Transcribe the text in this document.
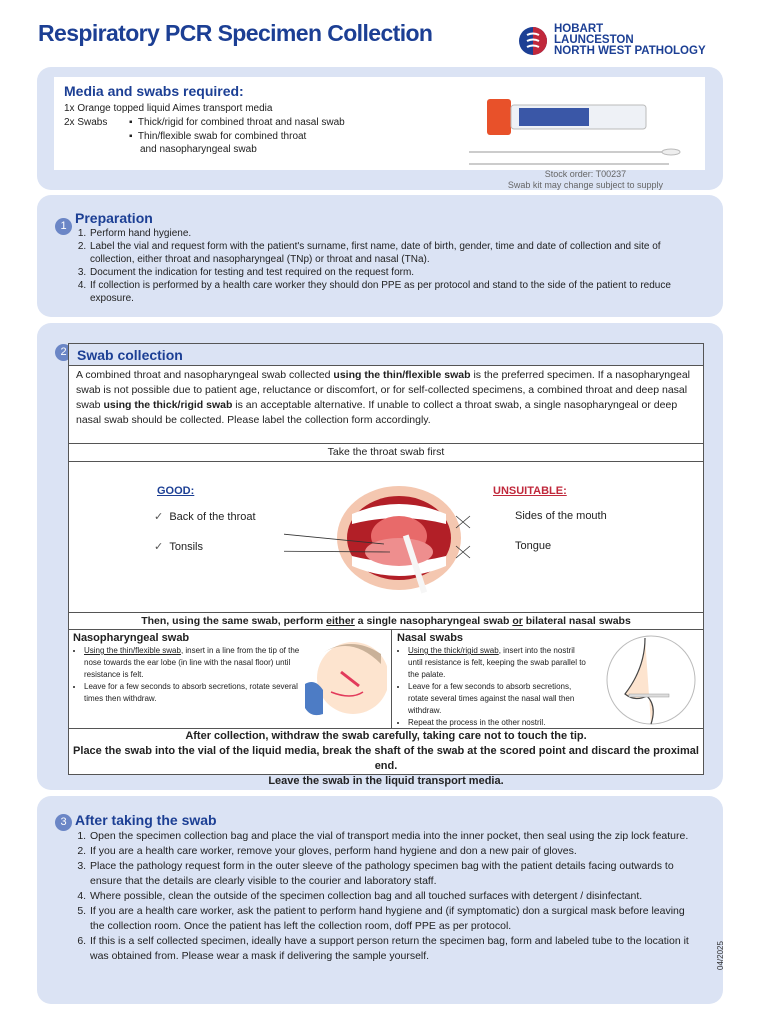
Respiratory PCR Specimen Collection	HOBART
LAUNCESTON
NORTH WEST PATHOLOGY
Media and swabs required:
1x Orange topped liquid Aimes transport media
2x Swabs ▪  Thick/rigid for combined throat and nasal swab
▪  Thin/flexible swab for combined throat
and nasopharyngeal swab
Stock order: T00237
Swab kit may change subject to supply
1 Preparation
1. Perform hand hygiene.
2. Label the vial and request form with the patient's surname, first name, date of birth, gender, time and date of collection and site of collection, either throat and nasopharyngeal (TNp) or throat and nasal (TNa).
3. Document the indication for testing and test required on the request form.
4. If collection is performed by a health care worker they should don PPE as per protocol and stand to the side of the patient to reduce exposure.
2 Swab collection
A combined throat and nasopharyngeal swab collected using the thin/flexible swab is the preferred specimen. If a nasopharyngeal swab is not possible due to patient age, reluctance or discomfort, or for self-collected specimens, a combined throat and deep nasal swab using the thick/rigid swab is an acceptable alternative. If unable to collect a throat swab, a single nasopharyngeal or deep nasal swab should be collected. Please label the collection form accordingly.
Take the throat swab first
GOOD:	UNSUITABLE:
✓ Back of the throat
✓ Tonsils
Sides of the mouth
Tongue
Then, using the same swab, perform either a single nasopharyngeal swab or bilateral nasal swabs
Nasopharyngeal swab
• Using the thin/flexible swab, insert in a line from the tip of the nose towards the ear lobe (in line with the nasal floor) until resistance is felt.
• Leave for a few seconds to absorb secretions, rotate several times then withdraw.
Nasal swabs
• Using the thick/rigid swab, insert into the nostril until resistance is felt, keeping the swab parallel to the palate.
• Leave for a few seconds to absorb secretions, rotate several times against the nasal wall then withdraw.
• Repeat the process in the other nostril.
After collection, withdraw the swab carefully, taking care not to touch the tip.
Place the swab into the vial of the liquid media, break the shaft of the swab at the scored point and discard the proximal end.
Leave the swab in the liquid transport media.
3 After taking the swab
1. Open the specimen collection bag and place the vial of transport media into the inner pocket, then seal using the zip lock feature.
2. If you are a health care worker, remove your gloves, perform hand hygiene and don a new pair of gloves.
3. Place the pathology request form in the outer sleeve of the pathology specimen bag with the patient details facing outwards to ensure that the details are clearly visible to the courier and laboratory staff.
4. Where possible, clean the outside of the specimen collection bag and all touched surfaces with detergent / disinfectant.
5. If you are a health care worker, ask the patient to perform hand hygiene and (if symptomatic) don a surgical mask before leaving the collection room. Once the patient has left the collection room, doff PPE as per protocol.
6. If this is a self collected specimen, ideally have a support person return the specimen bag, form and labeled tube to the location it was obtained from. Please wear a mask if delivering the sample yourself.	04/2025
